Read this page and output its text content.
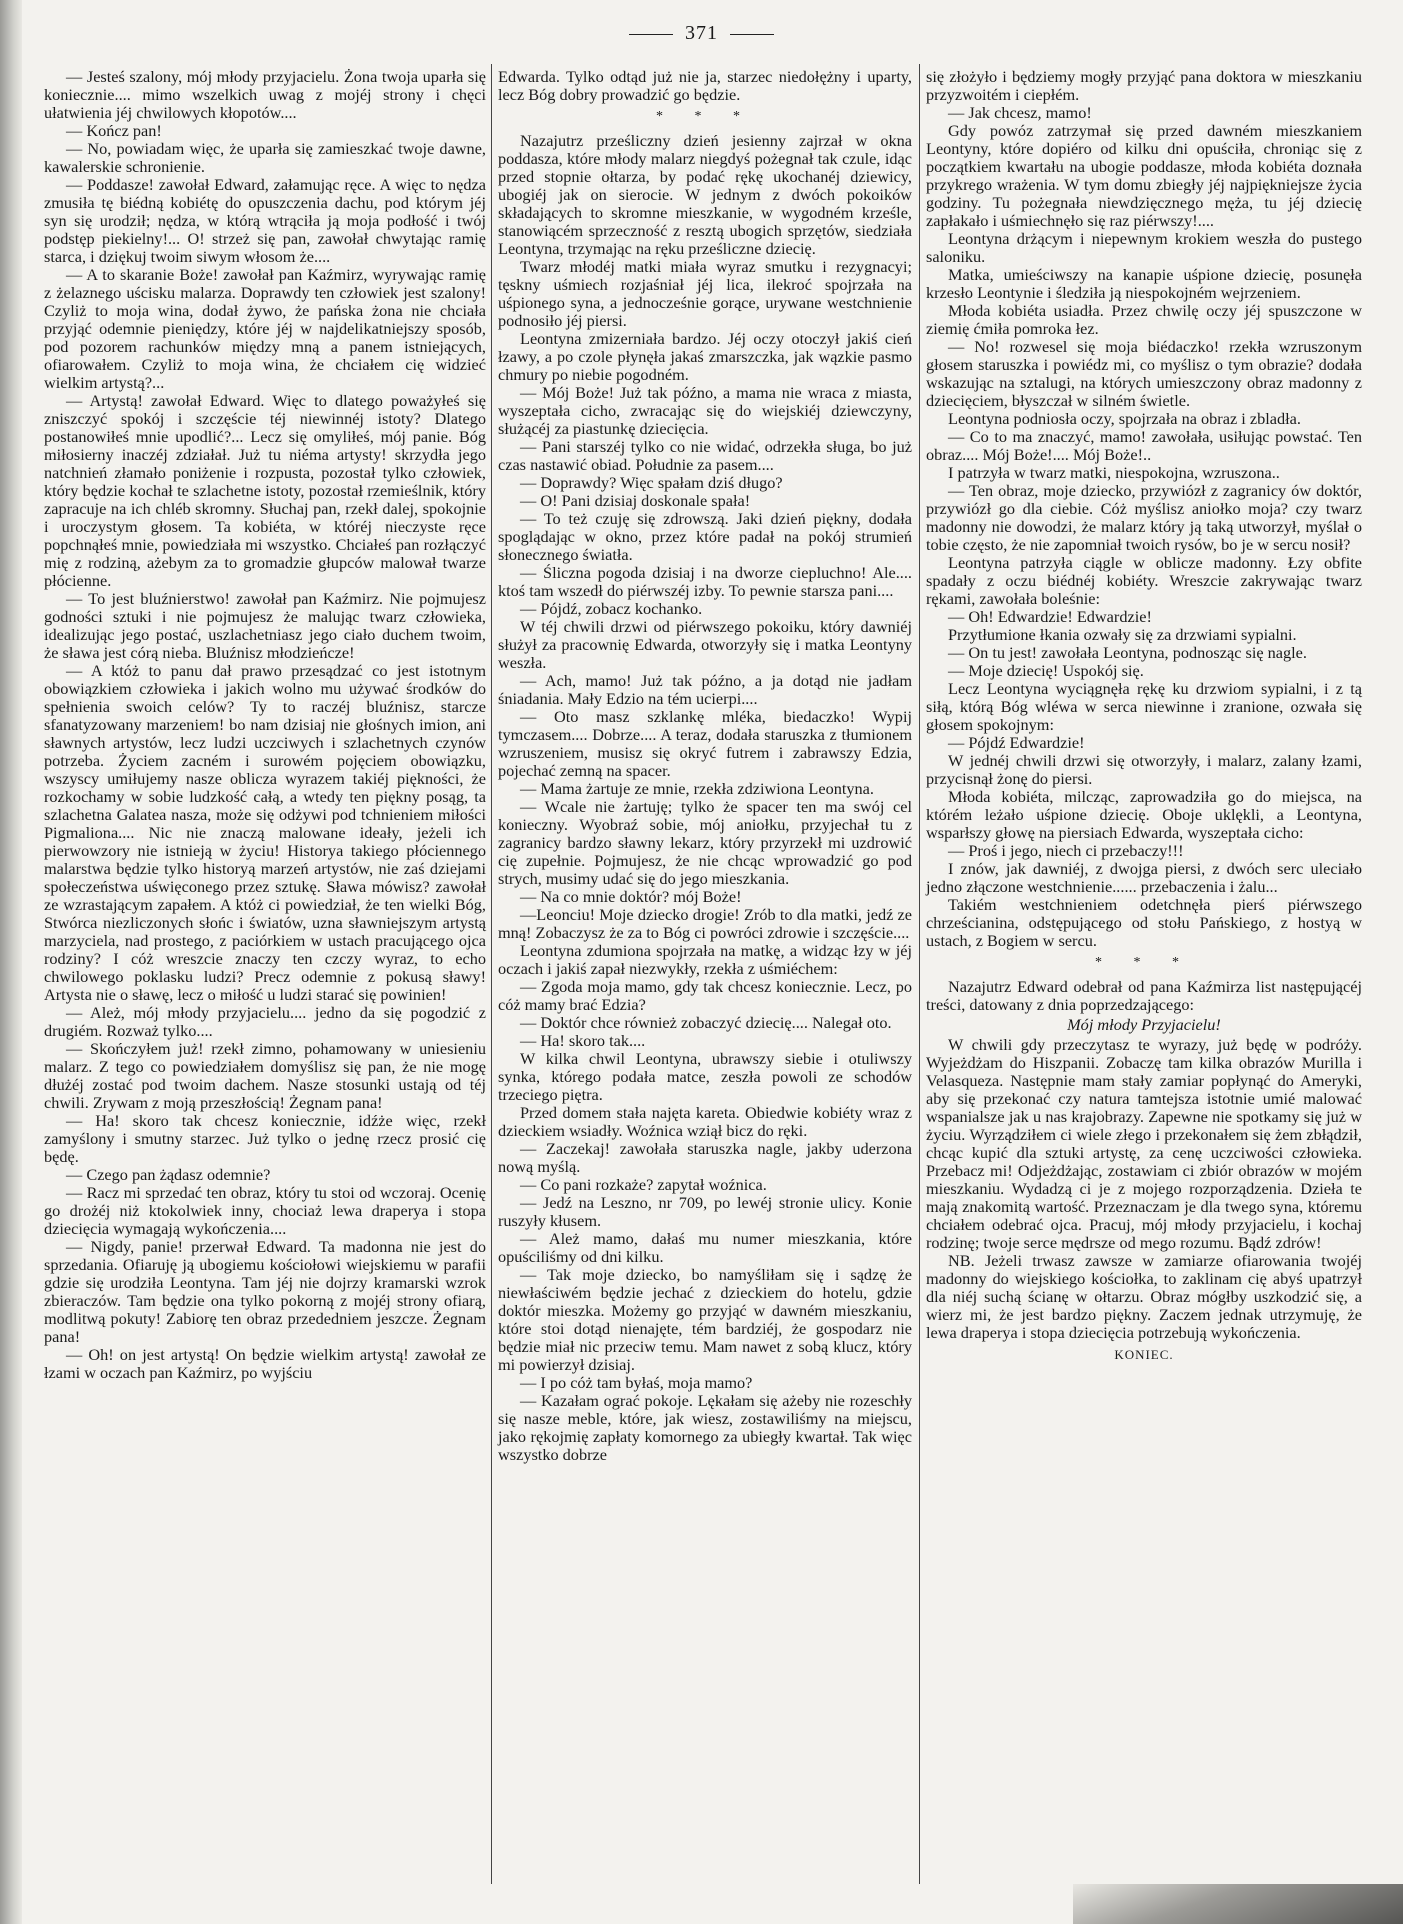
371

— Jesteś szalony, mój młody przyjacielu. Żona twoja uparła się koniecznie.... mimo wszelkich uwag z mojéj strony i chęci ułatwienia jéj chwilowych kłopotów....

— Kończ pan!

— No, powiadam więc, że uparła się zamieszkać twoje dawne, kawalerskie schronienie.

— Poddasze! zawołał Edward, załamując ręce. A więc to nędza zmusiła tę biédną kobiétę do opuszczenia dachu, pod którym jéj syn się urodził; nędza, w którą wtrąciła ją moja podłość i twój podstęp piekielny!... O! strzeż się pan, zawołał chwytając ramię starca, i dziękuj twoim siwym włosom że....

— A to skaranie Boże! zawołał pan Kaźmirz, wyrywając ramię z żelaznego uścisku malarza. Doprawdy ten człowiek jest szalony! Czyliż to moja wina, dodał żywo, że pańska żona nie chciała przyjąć odemnie pieniędzy, które jéj w najdelikatniejszy sposób, pod pozorem rachunków między mną a panem istniejących, ofiarowałem. Czyliż to moja wina, że chciałem cię widzieć wielkim artystą?...

— Artystą! zawołał Edward. Więc to dlatego poważyłeś się zniszczyć spokój i szczęście téj niewinnéj istoty? Dlatego postanowiłeś mnie upodlić?... Lecz się omyliłeś, mój panie. Bóg miłosierny inaczéj zdziałał. Już tu niéma artysty! skrzydła jego natchnień złamało poniżenie i rozpusta, pozostał tylko człowiek, który będzie kochał te szlachetne istoty, pozostał rzemieślnik, który zapracuje na ich chléb skromny. Słuchaj pan, rzekł dalej, spokojnie i uroczystym głosem. Ta kobiéta, w któréj nieczyste ręce popchnąłeś mnie, powiedziała mi wszystko. Chciałeś pan rozłączyć mię z rodziną, ażebym za to gromadzie głupców malował twarze płócienne.

— To jest bluźnierstwo! zawołał pan Kaźmirz. Nie pojmujesz godności sztuki i nie pojmujesz że malując twarz człowieka, idealizując jego postać, uszlachetniasz jego ciało duchem twoim, że sława jest córą nieba. Bluźnisz młodzieńcze!

— A któż to panu dał prawo przesądzać co jest istotnym obowiązkiem człowieka i jakich wolno mu używać środków do spełnienia swoich celów? Ty to raczéj bluźnisz, starcze sfanatyzowany marzeniem! bo nam dzisiaj nie głośnych imion, ani sławnych artystów, lecz ludzi uczciwych i szlachetnych czynów potrzeba. Życiem zacném i surowém pojęciem obowiązku, wszyscy umiłujemy nasze oblicza wyrazem takiéj piękności, że rozkochamy w sobie ludzkość całą, a wtedy ten piękny posąg, ta szlachetna Galatea nasza, może się odżywi pod tchnieniem miłości Pigmaliona.... Nic nie znaczą malowane ideały, jeżeli ich pierwowzory nie istnieją w życiu! Historya takiego płóciennego malarstwa będzie tylko historyą marzeń artystów, nie zaś dziejami społeczeństwa uświęconego przez sztukę. Sława mówisz? zawołał ze wzrastającym zapałem. A któż ci powiedział, że ten wielki Bóg, Stwórca niezliczonych słońc i światów, uzna sławniejszym artystą marzyciela, nad prostego, z paciórkiem w ustach pracującego ojca rodziny? I cóż wreszcie znaczy ten czczy wyraz, to echo chwilowego poklasku ludzi? Precz odemnie z pokusą sławy! Artysta nie o sławę, lecz o miłość u ludzi starać się powinien!

— Ależ, mój młody przyjacielu.... jedno da się pogodzić z drugiém. Rozważ tylko....

— Skończyłem już! rzekł zimno, pohamowany w uniesieniu malarz. Z tego co powiedziałem domyślisz się pan, że nie mogę dłużéj zostać pod twoim dachem. Nasze stosunki ustają od téj chwili. Zrywam z moją przeszłością! Żegnam pana!

— Ha! skoro tak chcesz koniecznie, idźże więc, rzekł zamyślony i smutny starzec. Już tylko o jednę rzecz prosić cię będę.

— Czego pan żądasz odemnie?

— Racz mi sprzedać ten obraz, który tu stoi od wczoraj. Ocenię go drożéj niż ktokolwiek inny, chociaż lewa draperya i stopa dziecięcia wymagają wykończenia....

— Nigdy, panie! przerwał Edward. Ta madonna nie jest do sprzedania. Ofiaruję ją ubogiemu kościołowi wiejskiemu w parafii gdzie się urodziła Leontyna. Tam jéj nie dojrzy kramarski wzrok zbieraczów. Tam będzie ona tylko pokorną z mojéj strony ofiarą, modlitwą pokuty! Zabiorę ten obraz przededniem jeszcze. Żegnam pana!

— Oh! on jest artystą! On będzie wielkim artystą! zawołał ze łzami w oczach pan Kaźmirz, po wyjściu

Edwarda. Tylko odtąd już nie ja, starzec niedołężny i uparty, lecz Bóg dobry prowadzić go będzie.

* * *

Nazajutrz prześliczny dzień jesienny zajrzał w okna poddasza, które młody malarz niegdyś pożegnał tak czule, idąc przed stopnie ołtarza, by podać rękę ukochanéj dziewicy, ubogiéj jak on sierocie. W jednym z dwóch pokoików składających to skromne mieszkanie, w wygodném krześle, stanowiącém sprzeczność z resztą ubogich sprzętów, siedziała Leontyna, trzymając na ręku prześliczne dziecię.

Twarz młodéj matki miała wyraz smutku i rezygnacyi; tęskny uśmiech rozjaśniał jéj lica, ilekroć spojrzała na uśpionego syna, a jednocześnie gorące, urywane westchnienie podnosiło jéj piersi.

Leontyna zmizerniała bardzo. Jéj oczy otoczył jakiś cień łzawy, a po czole płynęła jakaś zmarszczka, jak wązkie pasmo chmury po niebie pogodném.

— Mój Boże! Już tak późno, a mama nie wraca z miasta, wyszeptała cicho, zwracając się do wiejskiéj dziewczyny, służącéj za piastunkę dziecięcia.

— Pani starszéj tylko co nie widać, odrzekła sługa, bo już czas nastawić obiad. Południe za pasem....

— Doprawdy? Więc spałam dziś długo?

— O! Pani dzisiaj doskonale spała!

— To też czuję się zdrowszą. Jaki dzień piękny, dodała spoglądając w okno, przez które padał na pokój strumień słonecznego światła.

— Śliczna pogoda dzisiaj i na dworze ciepluchno! Ale.... ktoś tam wszedł do piérwszéj izby. To pewnie starsza pani....

— Pójdź, zobacz kochanko.

W téj chwili drzwi od piérwszego pokoiku, który dawniéj służył za pracownię Edwarda, otworzyły się i matka Leontyny weszła.

— Ach, mamo! Już tak późno, a ja dotąd nie jadłam śniadania. Mały Edzio na tém ucierpi....

— Oto masz szklankę mléka, biedaczko! Wypij tymczasem.... Dobrze.... A teraz, dodała staruszka z tłumionem wzruszeniem, musisz się okryć futrem i zabrawszy Edzia, pojechać zemną na spacer.

— Mama żartuje ze mnie, rzekła zdziwiona Leontyna.

— Wcale nie żartuję; tylko że spacer ten ma swój cel konieczny. Wyobraź sobie, mój aniołku, przyjechał tu z zagranicy bardzo sławny lekarz, który przyrzekł mi uzdrowić cię zupełnie. Pojmujesz, że nie chcąc wprowadzić go pod strych, musimy udać się do jego mieszkania.

— Na co mnie doktór? mój Boże!

—Leonciu! Moje dziecko drogie! Zrób to dla matki, jedź ze mną! Zobaczysz że za to Bóg ci powróci zdrowie i szczęście....

Leontyna zdumiona spojrzała na matkę, a widząc łzy w jéj oczach i jakiś zapał niezwykły, rzekła z uśmiéchem:

— Zgoda moja mamo, gdy tak chcesz koniecznie. Lecz, po cóż mamy brać Edzia?

— Doktór chce również zobaczyć dziecię.... Nalegał oto.

— Ha! skoro tak....

W kilka chwil Leontyna, ubrawszy siebie i otuliwszy synka, którego podała matce, zeszła powoli ze schodów trzeciego piętra.

Przed domem stała najęta kareta. Obiedwie kobiéty wraz z dzieckiem wsiadły. Woźnica wziął bicz do ręki.

— Zaczekaj! zawołała staruszka nagle, jakby uderzona nową myślą.

— Co pani rozkaże? zapytał woźnica.

— Jedź na Leszno, nr 709, po lewéj stronie ulicy. Konie ruszyły kłusem.

— Ależ mamo, dałaś mu numer mieszkania, które opuściliśmy od dni kilku.

— Tak moje dziecko, bo namyśliłam się i sądzę że niewłaściwém będzie jechać z dzieckiem do hotelu, gdzie doktór mieszka. Możemy go przyjąć w dawném mieszkaniu, które stoi dotąd nienajęte, tém bardziéj, że gospodarz nie będzie miał nic przeciw temu. Mam nawet z sobą klucz, który mi powierzył dzisiaj.

— I po cóż tam byłaś, moja mamo?

— Kazałam ograć pokoje. Lękałam się ażeby nie rozeschły się nasze meble, które, jak wiesz, zostawiliśmy na miejscu, jako rękojmię zapłaty komornego za ubiegły kwartał. Tak więc wszystko dobrze

się złożyło i będziemy mogły przyjąć pana doktora w mieszkaniu przyzwoitém i ciepłém.

— Jak chcesz, mamo!

Gdy powóz zatrzymał się przed dawném mieszkaniem Leontyny, które dopiéro od kilku dni opuściła, chroniąc się z początkiem kwartału na ubogie poddasze, młoda kobiéta doznała przykrego wrażenia. W tym domu zbiegły jéj najpiękniejsze życia godziny. Tu pożegnała niewdzięcznego męża, tu jéj dziecię zapłakało i uśmiechnęło się raz piérwszy!....

Leontyna drżącym i niepewnym krokiem weszła do pustego saloniku.

Matka, umieściwszy na kanapie uśpione dziecię, posunęła krzesło Leontynie i śledziła ją niespokojném wejrzeniem.

Młoda kobiéta usiadła. Przez chwilę oczy jéj spuszczone w ziemię ćmiła pomroka łez.

— No! rozwesel się moja biédaczko! rzekła wzruszonym głosem staruszka i powiédz mi, co myślisz o tym obrazie? dodała wskazując na sztalugi, na których umieszczony obraz madonny z dziecięciem, błyszczał w silném świetle.

Leontyna podniosła oczy, spojrzała na obraz i zbladła.

— Co to ma znaczyć, mamo! zawołała, usiłując powstać. Ten obraz.... Mój Boże!.... Mój Boże!..

I patrzyła w twarz matki, niespokojna, wzruszona..

— Ten obraz, moje dziecko, przywiózł z zagranicy ów doktór, przywiózł go dla ciebie. Cóż myślisz aniołko moja? czy twarz madonny nie dowodzi, że malarz który ją taką utworzył, myślał o tobie często, że nie zapomniał twoich rysów, bo je w sercu nosił?

Leontyna patrzyła ciągle w oblicze madonny. Łzy obfite spadały z oczu biédnéj kobiéty. Wreszcie zakrywając twarz rękami, zawołała boleśnie:

— Oh! Edwardzie! Edwardzie!

Przytłumione łkania ozwały się za drzwiami sypialni.

— On tu jest! zawołała Leontyna, podnosząc się nagle.

— Moje dziecię! Uspokój się.

Lecz Leontyna wyciągnęła rękę ku drzwiom sypialni, i z tą siłą, którą Bóg wléwa w serca niewinne i zranione, ozwała się głosem spokojnym:

— Pójdź Edwardzie!

W jednéj chwili drzwi się otworzyły, i malarz, zalany łzami, przycisnął żonę do piersi.

Młoda kobiéta, milcząc, zaprowadziła go do miejsca, na którém leżało uśpione dziecię. Oboje uklękli, a Leontyna, wsparłszy głowę na piersiach Edwarda, wyszeptała cicho:

— Proś i jego, niech ci przebaczy!!!

I znów, jak dawniéj, z dwojga piersi, z dwóch serc uleciało jedno złączone westchnienie...... przebaczenia i żalu...

Takiém westchnieniem odetchnęła pierś piérwszego chrześcianina, odstępującego od stołu Pańskiego, z hostyą w ustach, z Bogiem w sercu.

* * *

Nazajutrz Edward odebrał od pana Kaźmirza list następującéj treści, datowany z dnia poprzedzającego:

Mój młody Przyjacielu!

W chwili gdy przeczytasz te wyrazy, już będę w podróży. Wyjeżdżam do Hiszpanii. Zobaczę tam kilka obrazów Murilla i Velasqueza. Następnie mam stały zamiar popłynąć do Ameryki, aby się przekonać czy natura tamtejsza istotnie umié malować wspanialsze jak u nas krajobrazy. Zapewne nie spotkamy się już w życiu. Wyrządziłem ci wiele złego i przekonałem się żem zbłądził, chcąc kupić dla sztuki artystę, za cenę uczciwości człowieka. Przebacz mi! Odjeżdżając, zostawiam ci zbiór obrazów w mojém mieszkaniu. Wydadzą ci je z mojego rozporządzenia. Dzieła te mają znakomitą wartość. Przeznaczam je dla twego syna, któremu chciałem odebrać ojca. Pracuj, mój młody przyjacielu, i kochaj rodzinę; twoje serce mędrsze od mego rozumu. Bądź zdrów!

NB. Jeżeli trwasz zawsze w zamiarze ofiarowania twojéj madonny do wiejskiego kościołka, to zaklinam cię abyś upatrzył dla niéj suchą ścianę w ołtarzu. Obraz mógłby uszkodzić się, a wierz mi, że jest bardzo piękny. Zaczem jednak utrzymuję, że lewa draperya i stopa dziecięcia potrzebują wykończenia.

KONIEC.
